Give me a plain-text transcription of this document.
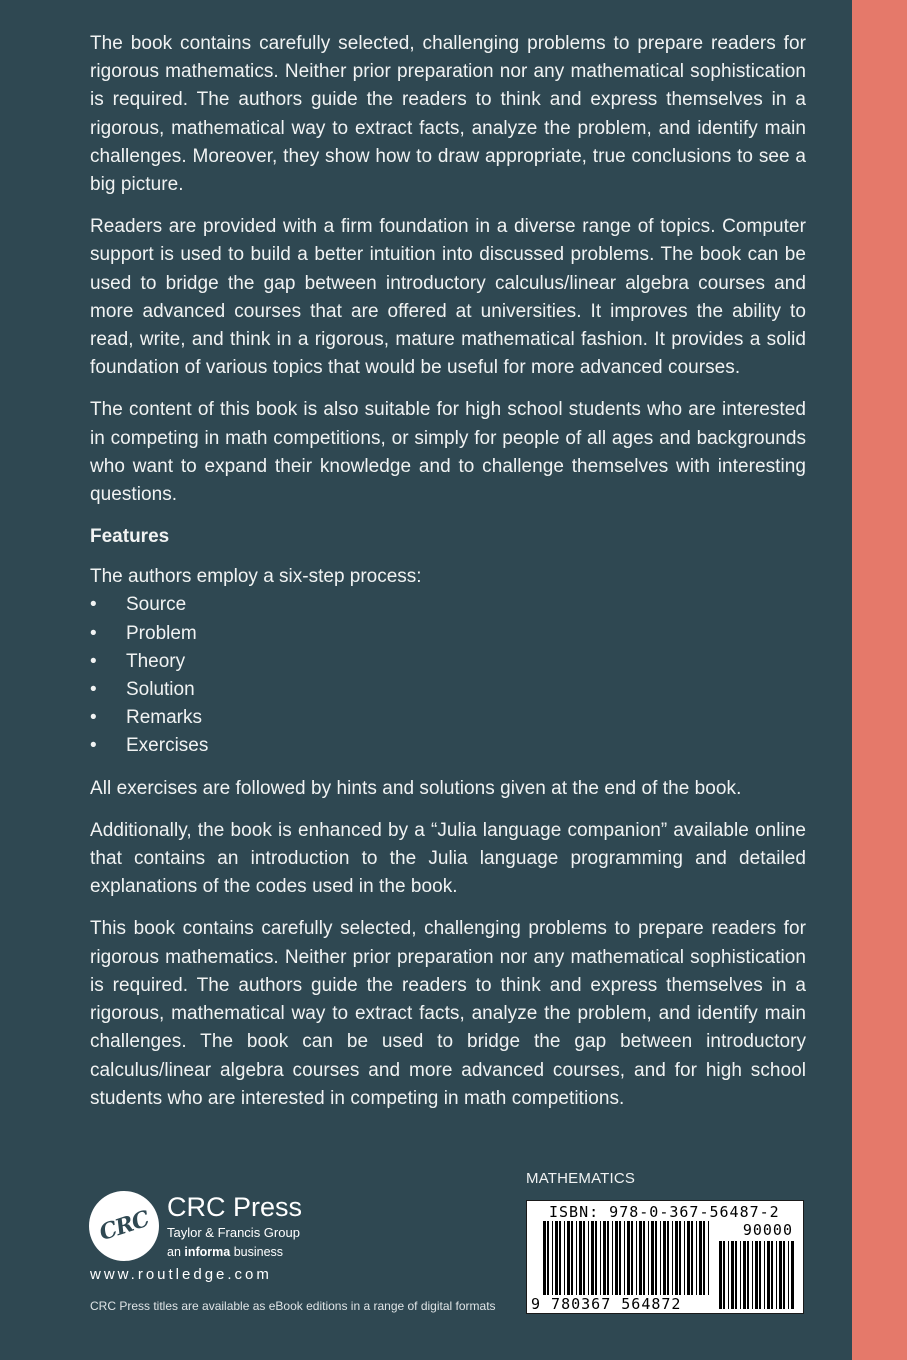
The book contains carefully selected, challenging problems to prepare readers for rigorous mathematics. Neither prior preparation nor any mathematical sophistication is required. The authors guide the readers to think and express themselves in a rigorous, mathematical way to extract facts, analyze the problem, and identify main challenges. Moreover, they show how to draw appropriate, true conclusions to see a big picture.

Readers are provided with a firm foundation in a diverse range of topics. Computer support is used to build a better intuition into discussed problems. The book can be used to bridge the gap between introductory calculus/linear algebra courses and more advanced courses that are offered at universities. It improves the ability to read, write, and think in a rigorous, mature mathematical fashion. It provides a solid foundation of various topics that would be useful for more advanced courses.

The content of this book is also suitable for high school students who are interested in competing in math competitions, or simply for people of all ages and backgrounds who want to expand their knowledge and to challenge themselves with interesting questions.

Features

The authors employ a six-step process:

• Source
• Problem
• Theory
• Solution
• Remarks
• Exercises

All exercises are followed by hints and solutions given at the end of the book.

Additionally, the book is enhanced by a “Julia language companion” available online that contains an introduction to the Julia language programming and detailed explanations of the codes used in the book.

This book contains carefully selected, challenging problems to prepare readers for rigorous mathematics. Neither prior preparation nor any mathematical sophistication is required. The authors guide the readers to think and express themselves in a rigorous, mathematical way to extract facts, analyze the problem, and identify main challenges. The book can be used to bridge the gap between introductory calculus/linear algebra courses and more advanced courses, and for high school students who are interested in competing in math competitions.

CRC CRC Press
Taylor & Francis Group
an informa business
www.routledge.com
CRC Press titles are available as eBook editions in a range of digital formats
MATHEMATICS
ISBN: 978-0-367-56487-2
90000
9 780367 564872
